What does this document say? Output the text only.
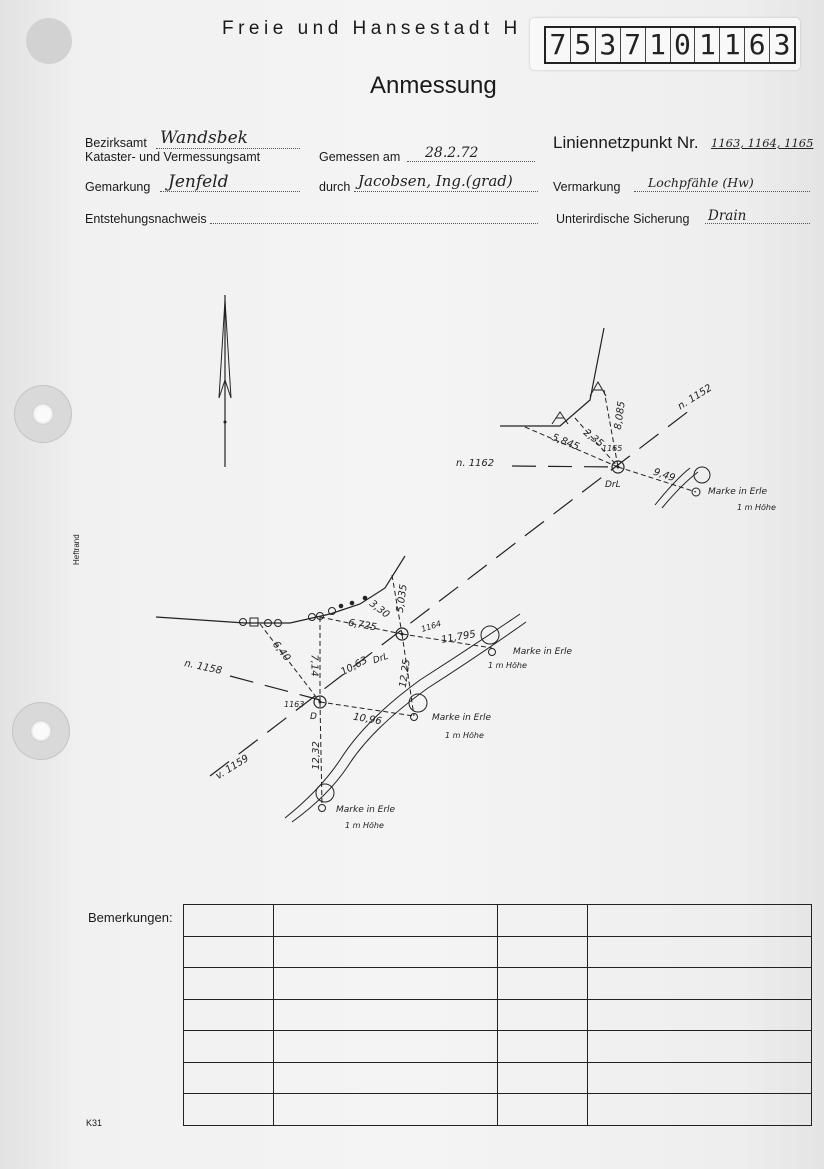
Freie und Hansestadt H 7 5 3 7 1 0 1 1 6 3
Anmessung
Bezirksamt Wandsbek
Kataster- und Vermessungsamt	Gemessen am 28.2.72
Liniennetzpunkt Nr. 1163, 1164, 1165
Gemarkung Jenfeld	durch Jacobsen, Ing.(grad)	Vermarkung Lochpfähle (Hw)
Entstehungsnachweis	Unterirdische Sicherung Drain
Heftrand
n. 1152
n. 1162
n. 1158
v. 1159
1165
1164
1163
8,085
2,35
5,845
9,49
5,035
3,30
6,725
11,795
6,40
7,14 10,63
10,96
12,25
12,32
DrL
DrL
D
Marke in Erle
1 m Höhe
Marke in Erle
1 m Höhe
Marke in Erle
1 m Höhe
Marke in Erle
1 m Höhe
Bemerkungen:

K31
